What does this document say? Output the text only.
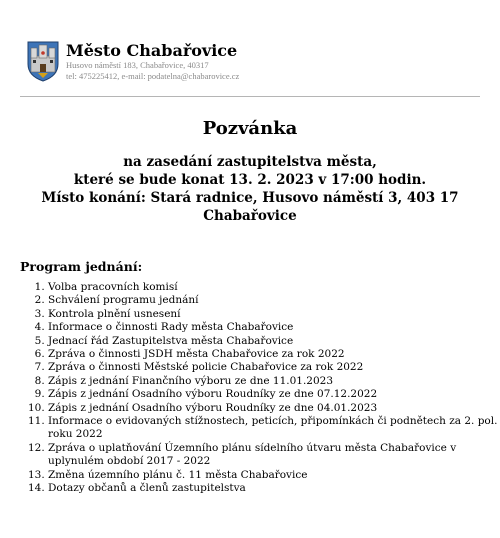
Město Chabařovice
Husovo náměstí 183, Chabařovice, 40317
tel: 475225412, e-mail: podatelna@chabarovice.cz
Pozvánka
na zasedání zastupitelstva města,
které se bude konat 13. 2. 2023 v 17:00 hodin.
Místo konání: Stará radnice, Husovo náměstí 3, 403 17 Chabařovice
Program jednání:
1. Volba pracovních komisí
2. Schválení programu jednání
3. Kontrola plnění usnesení
4. Informace o činnosti Rady města Chabařovice
5. Jednací řád Zastupitelstva města Chabařovice
6. Zpráva o činnosti JSDH města Chabařovice za rok 2022
7. Zpráva o činnosti Městské policie Chabařovice za rok 2022
8. Zápis z jednání Finančního výboru ze dne 11.01.2023
9. Zápis z jednání Osadního výboru Roudníky ze dne 07.12.2022
10. Zápis z jednání Osadního výboru Roudníky ze dne 04.01.2023
11. Informace o evidovaných stížnostech, peticích, připomínkách či podnětech za 2. pol. roku 2022
12. Zpráva o uplatňování Územního plánu sídelního útvaru města Chabařovice v uplynulém období 2017 - 2022
13. Změna územního plánu č. 11 města Chabařovice
14. Dotazy občanů a členů zastupitelstva
